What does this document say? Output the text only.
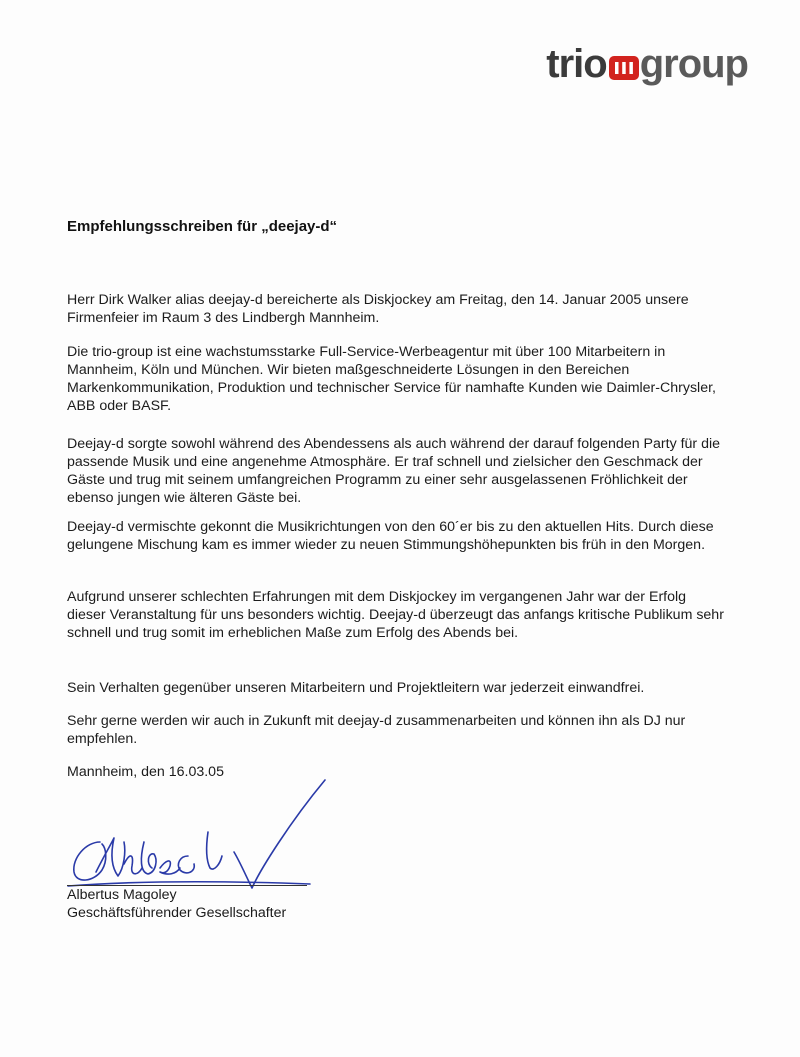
trio group
Empfehlungsschreiben für „deejay-d“

Herr Dirk Walker alias deejay-d bereicherte als Diskjockey am Freitag, den 14. Januar 2005 unsere Firmenfeier im Raum 3 des Lindbergh Mannheim.

Die trio-group ist eine wachstumsstarke Full-Service-Werbeagentur mit über 100 Mitarbeitern in Mannheim, Köln und München. Wir bieten maßgeschneiderte Lösungen in den Bereichen Markenkommunikation, Produktion und technischer Service für namhafte Kunden wie Daimler-Chrysler, ABB oder BASF.

Deejay-d sorgte sowohl während des Abendessens als auch während der darauf folgenden Party für die passende Musik und eine angenehme Atmosphäre. Er traf schnell und zielsicher den Geschmack der Gäste und trug mit seinem umfangreichen Programm zu einer sehr ausgelassenen Fröhlichkeit der ebenso jungen wie älteren Gäste bei.

Deejay-d vermischte gekonnt die Musikrichtungen von den 60´er bis zu den aktuellen Hits. Durch diese gelungene Mischung kam es immer wieder zu neuen Stimmungshöhepunkten bis früh in den Morgen.

Aufgrund unserer schlechten Erfahrungen mit dem Diskjockey im vergangenen Jahr war der Erfolg dieser Veranstaltung für uns besonders wichtig. Deejay-d überzeugt das anfangs kritische Publikum sehr schnell und trug somit im erheblichen Maße zum Erfolg des Abends bei.

Sein Verhalten gegenüber unseren Mitarbeitern und Projektleitern war jederzeit einwandfrei.

Sehr gerne werden wir auch in Zukunft mit deejay-d zusammenarbeiten und können ihn als DJ nur empfehlen.

Mannheim, den 16.03.05
Albertus Magoley
Geschäftsführender Gesellschafter
